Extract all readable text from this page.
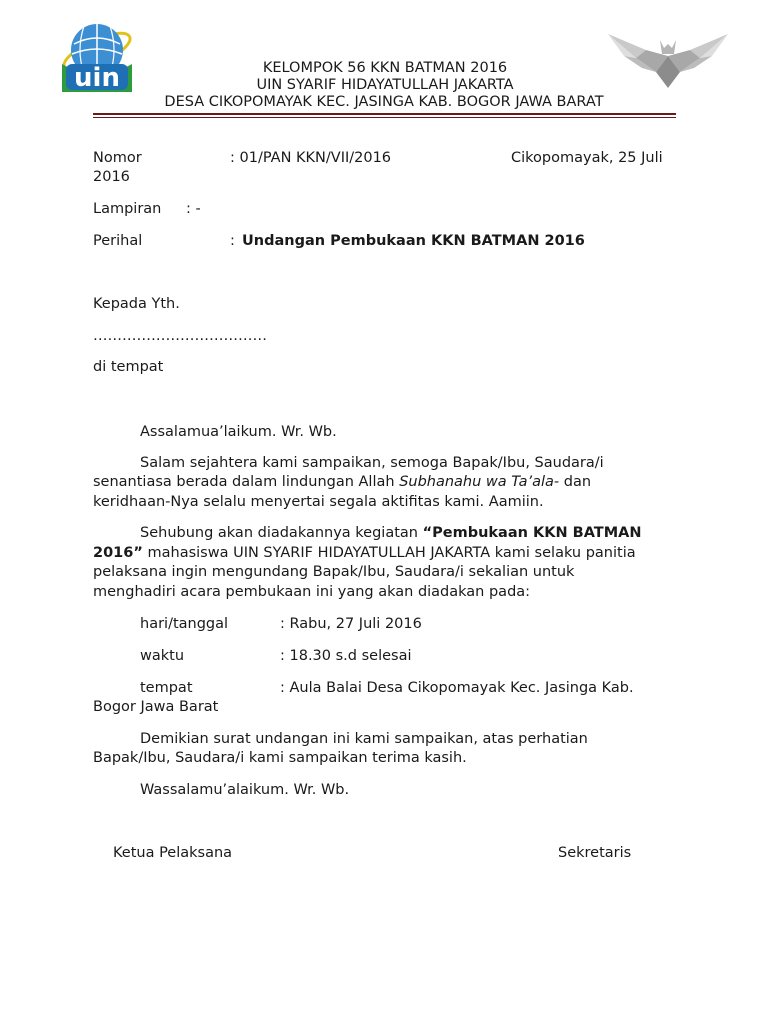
uin	KELOMPOK 56 KKN BATMAN 2016
UIN SYARIF HIDAYATULLAH JAKARTA
DESA CIKOPOMAYAK KEC. JASINGA KAB. BOGOR JAWA BARAT
Nomor	: 01/PAN KKN/VII/2016	Cikopomayak, 25 Juli
2016
Lampiran : -
Perihal	: Undangan Pembukaan KKN BATMAN 2016
Kepada Yth.
………………………………
di tempat
Assalamua’laikum. Wr. Wb.
Salam sejahtera kami sampaikan, semoga Bapak/Ibu, Saudara/i
senantiasa berada dalam lindungan Allah Subhanahu wa Ta’ala- dan
keridhaan-Nya selalu menyertai segala aktifitas kami. Aamiin.
Sehubung akan diadakannya kegiatan “Pembukaan KKN BATMAN
2016” mahasiswa UIN SYARIF HIDAYATULLAH JAKARTA kami selaku panitia
pelaksana ingin mengundang Bapak/Ibu, Saudara/i sekalian untuk
menghadiri acara pembukaan ini yang akan diadakan pada:
hari/tanggal	: Rabu, 27 Juli 2016
waktu	: 18.30 s.d selesai
tempat	: Aula Balai Desa Cikopomayak Kec. Jasinga Kab.
Bogor Jawa Barat
Demikian surat undangan ini kami sampaikan, atas perhatian
Bapak/Ibu, Saudara/i kami sampaikan terima kasih.
Wassalamu’alaikum. Wr. Wb.
Ketua Pelaksana	Sekretaris
